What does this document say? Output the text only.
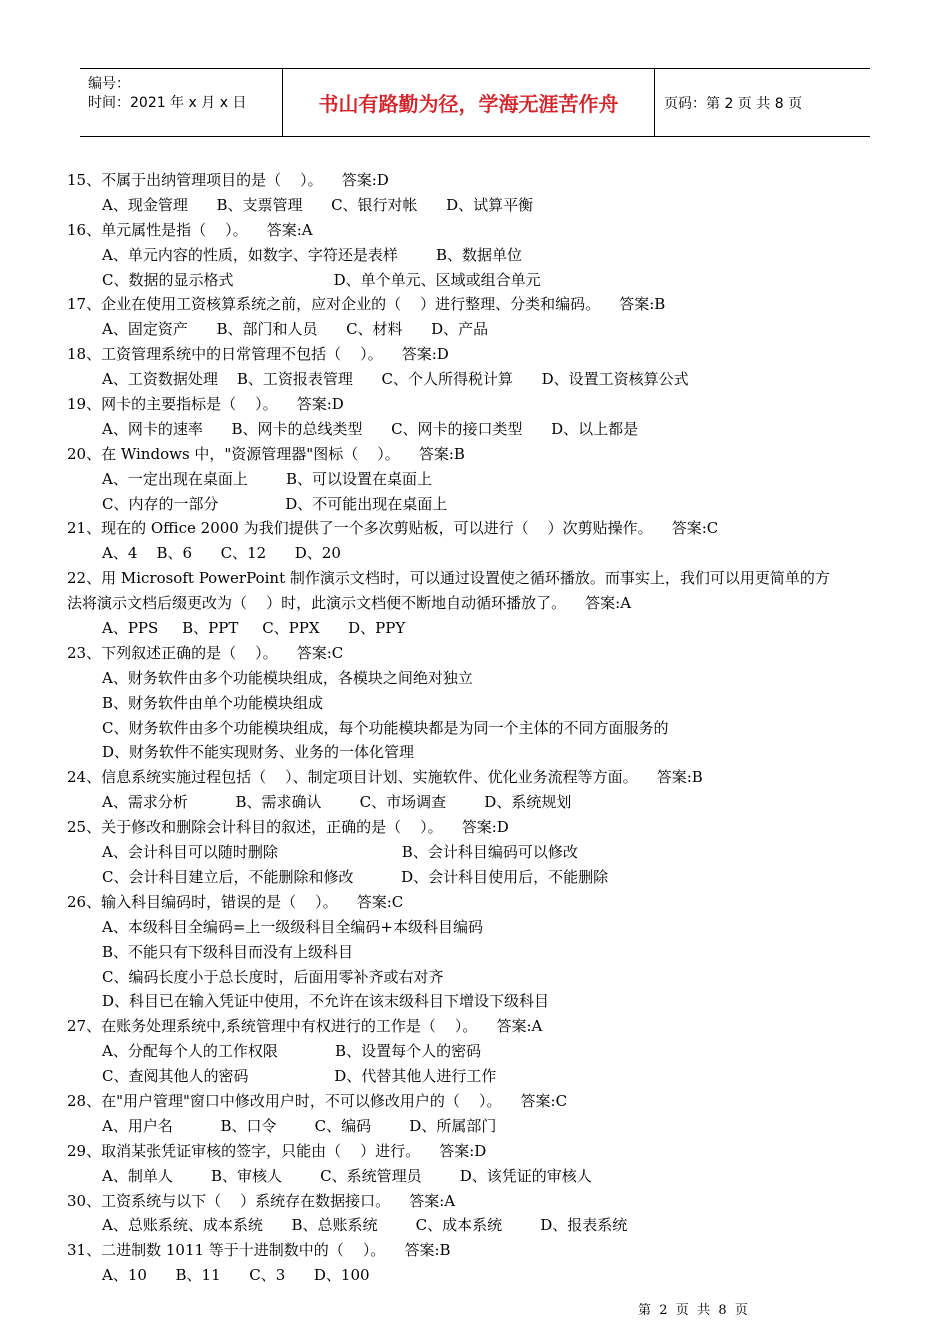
编号：
时间：2021 年 x 月 x 日	书山有路勤为径，学海无涯苦作舟	页码：第 2 页 共 8 页
15、不属于出纳管理项目的是（    ）。    答案:D
A、现金管理      B、支票管理      C、银行对帐      D、试算平衡
16、单元属性是指（    ）。    答案:A
A、单元内容的性质，如数字、字符还是表样        B、数据单位
C、数据的显示格式                     D、单个单元、区域或组合单元
17、企业在使用工资核算系统之前，应对企业的（    ）进行整理、分类和编码。    答案:B
A、固定资产      B、部门和人员      C、材料      D、产品
18、工资管理系统中的日常管理不包括（    ）。    答案:D
A、工资数据处理    B、工资报表管理      C、个人所得税计算      D、设置工资核算公式
19、网卡的主要指标是（    ）。    答案:D
A、网卡的速率      B、网卡的总线类型      C、网卡的接口类型      D、以上都是
20、在 Windows 中，"资源管理器"图标（    ）。    答案:B
A、一定出现在桌面上        B、可以设置在桌面上
C、内存的一部分              D、不可能出现在桌面上
21、现在的 Office 2000 为我们提供了一个多次剪贴板，可以进行（    ）次剪贴操作。    答案:C
A、4    B、6      C、12      D、20
22、用 Microsoft PowerPoint 制作演示文档时，可以通过设置使之循环播放。而事实上，我们可以用更简单的方
法将演示文档后缀更改为（    ）时，此演示文档便不断地自动循环播放了。    答案:A
A、PPS     B、PPT     C、PPX      D、PPY
23、下列叙述正确的是（    ）。    答案:C
A、财务软件由多个功能模块组成，各模块之间绝对独立
B、财务软件由单个功能模块组成
C、财务软件由多个功能模块组成，每个功能模块都是为同一个主体的不同方面服务的
D、财务软件不能实现财务、业务的一体化管理
24、信息系统实施过程包括（    ）、制定项目计划、实施软件、优化业务流程等方面。    答案:B
A、需求分析          B、需求确认        C、市场调查        D、系统规划
25、关于修改和删除会计科目的叙述，正确的是（    ）。    答案:D
A、会计科目可以随时删除                          B、会计科目编码可以修改
C、会计科目建立后，不能删除和修改          D、会计科目使用后，不能删除
26、输入科目编码时，错误的是（    ）。    答案:C
A、本级科目全编码=上一级级科目全编码+本级科目编码
B、不能只有下级科目而没有上级科目
C、编码长度小于总长度时，后面用零补齐或右对齐
D、科目已在输入凭证中使用，不允许在该末级科目下增设下级科目
27、在账务处理系统中,系统管理中有权进行的工作是（    ）。    答案:A
A、分配每个人的工作权限            B、设置每个人的密码
C、查阅其他人的密码                  D、代替其他人进行工作
28、在"用户管理"窗口中修改用户时，不可以修改用户的（    ）。    答案:C
A、用户名          B、口令        C、编码        D、所属部门
29、取消某张凭证审核的签字，只能由（    ）进行。    答案:D
A、制单人        B、审核人        C、系统管理员        D、该凭证的审核人
30、工资系统与以下（    ）系统存在数据接口。    答案:A
A、总账系统、成本系统      B、总账系统        C、成本系统        D、报表系统
31、二进制数 1011 等于十进制数中的（    ）。    答案:B
A、10      B、11      C、3      D、100
第  2  页  共  8  页
